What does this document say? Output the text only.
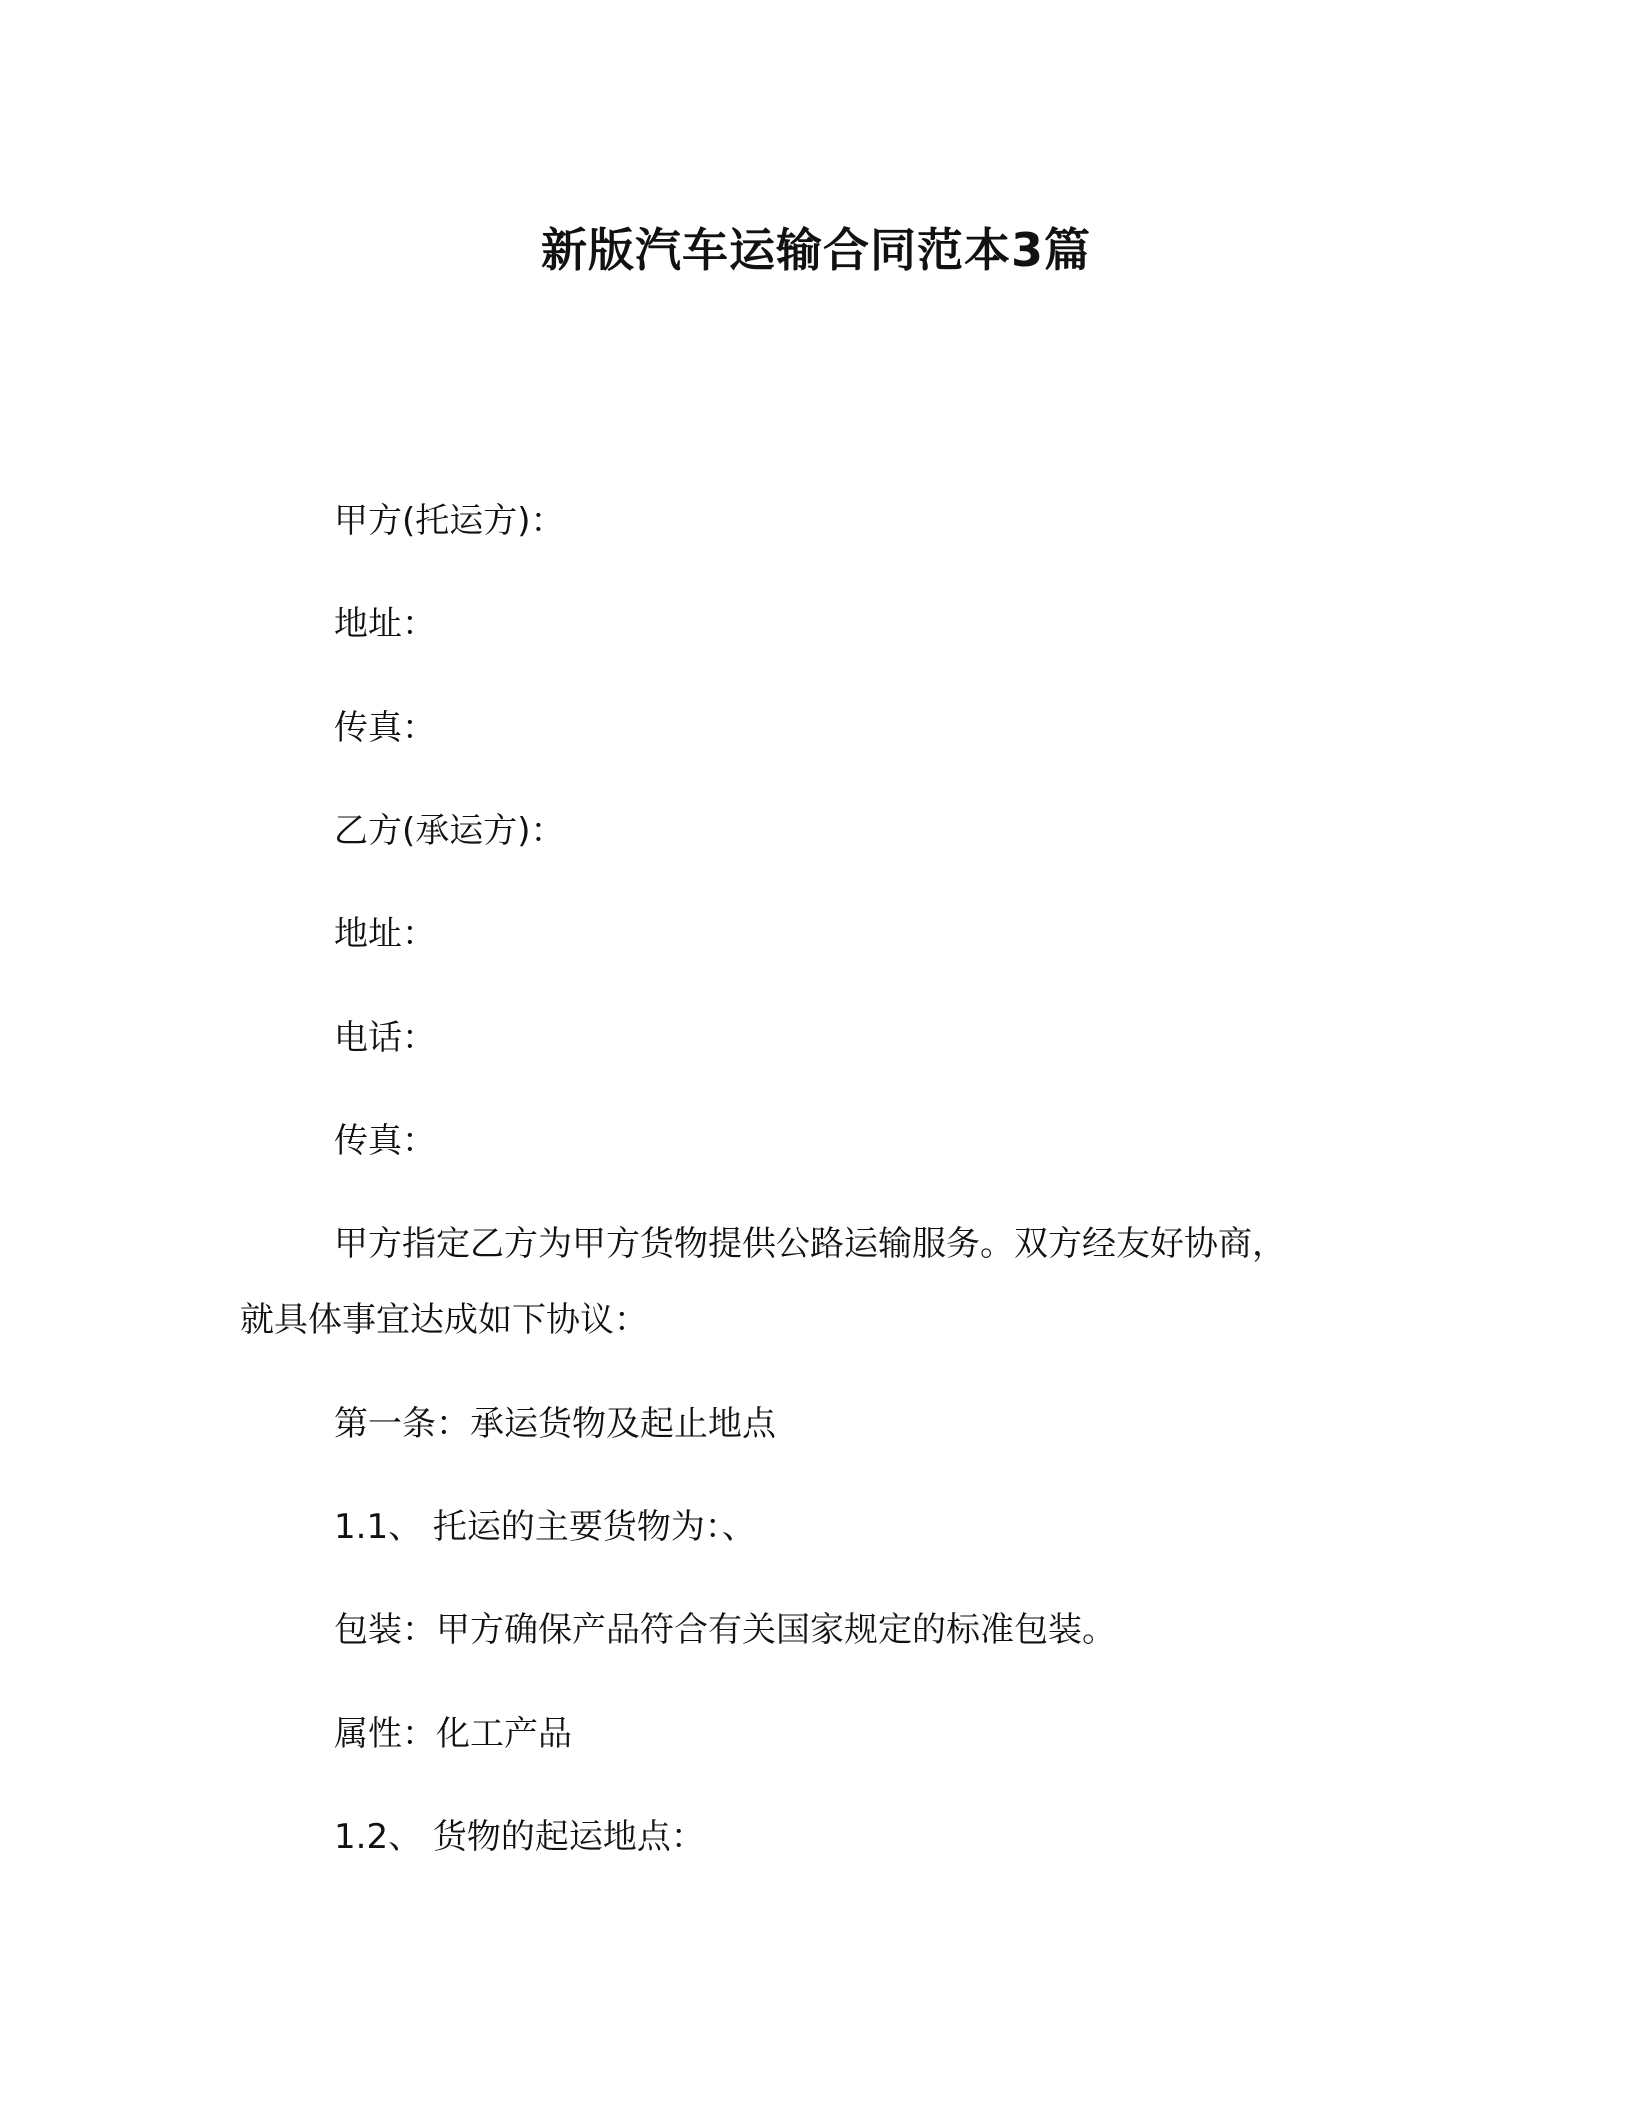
新版汽车运输合同范本3篇
甲方(托运方)：
地址：
传真：
乙方(承运方)：
地址：
电话：
传真：
甲方指定乙方为甲方货物提供公路运输服务。双方经友好协商，
就具体事宜达成如下协议：
第一条：承运货物及起止地点
1.1、 托运的主要货物为：、
包装：甲方确保产品符合有关国家规定的标准包装。
属性：化工产品
1.2、 货物的起运地点：
